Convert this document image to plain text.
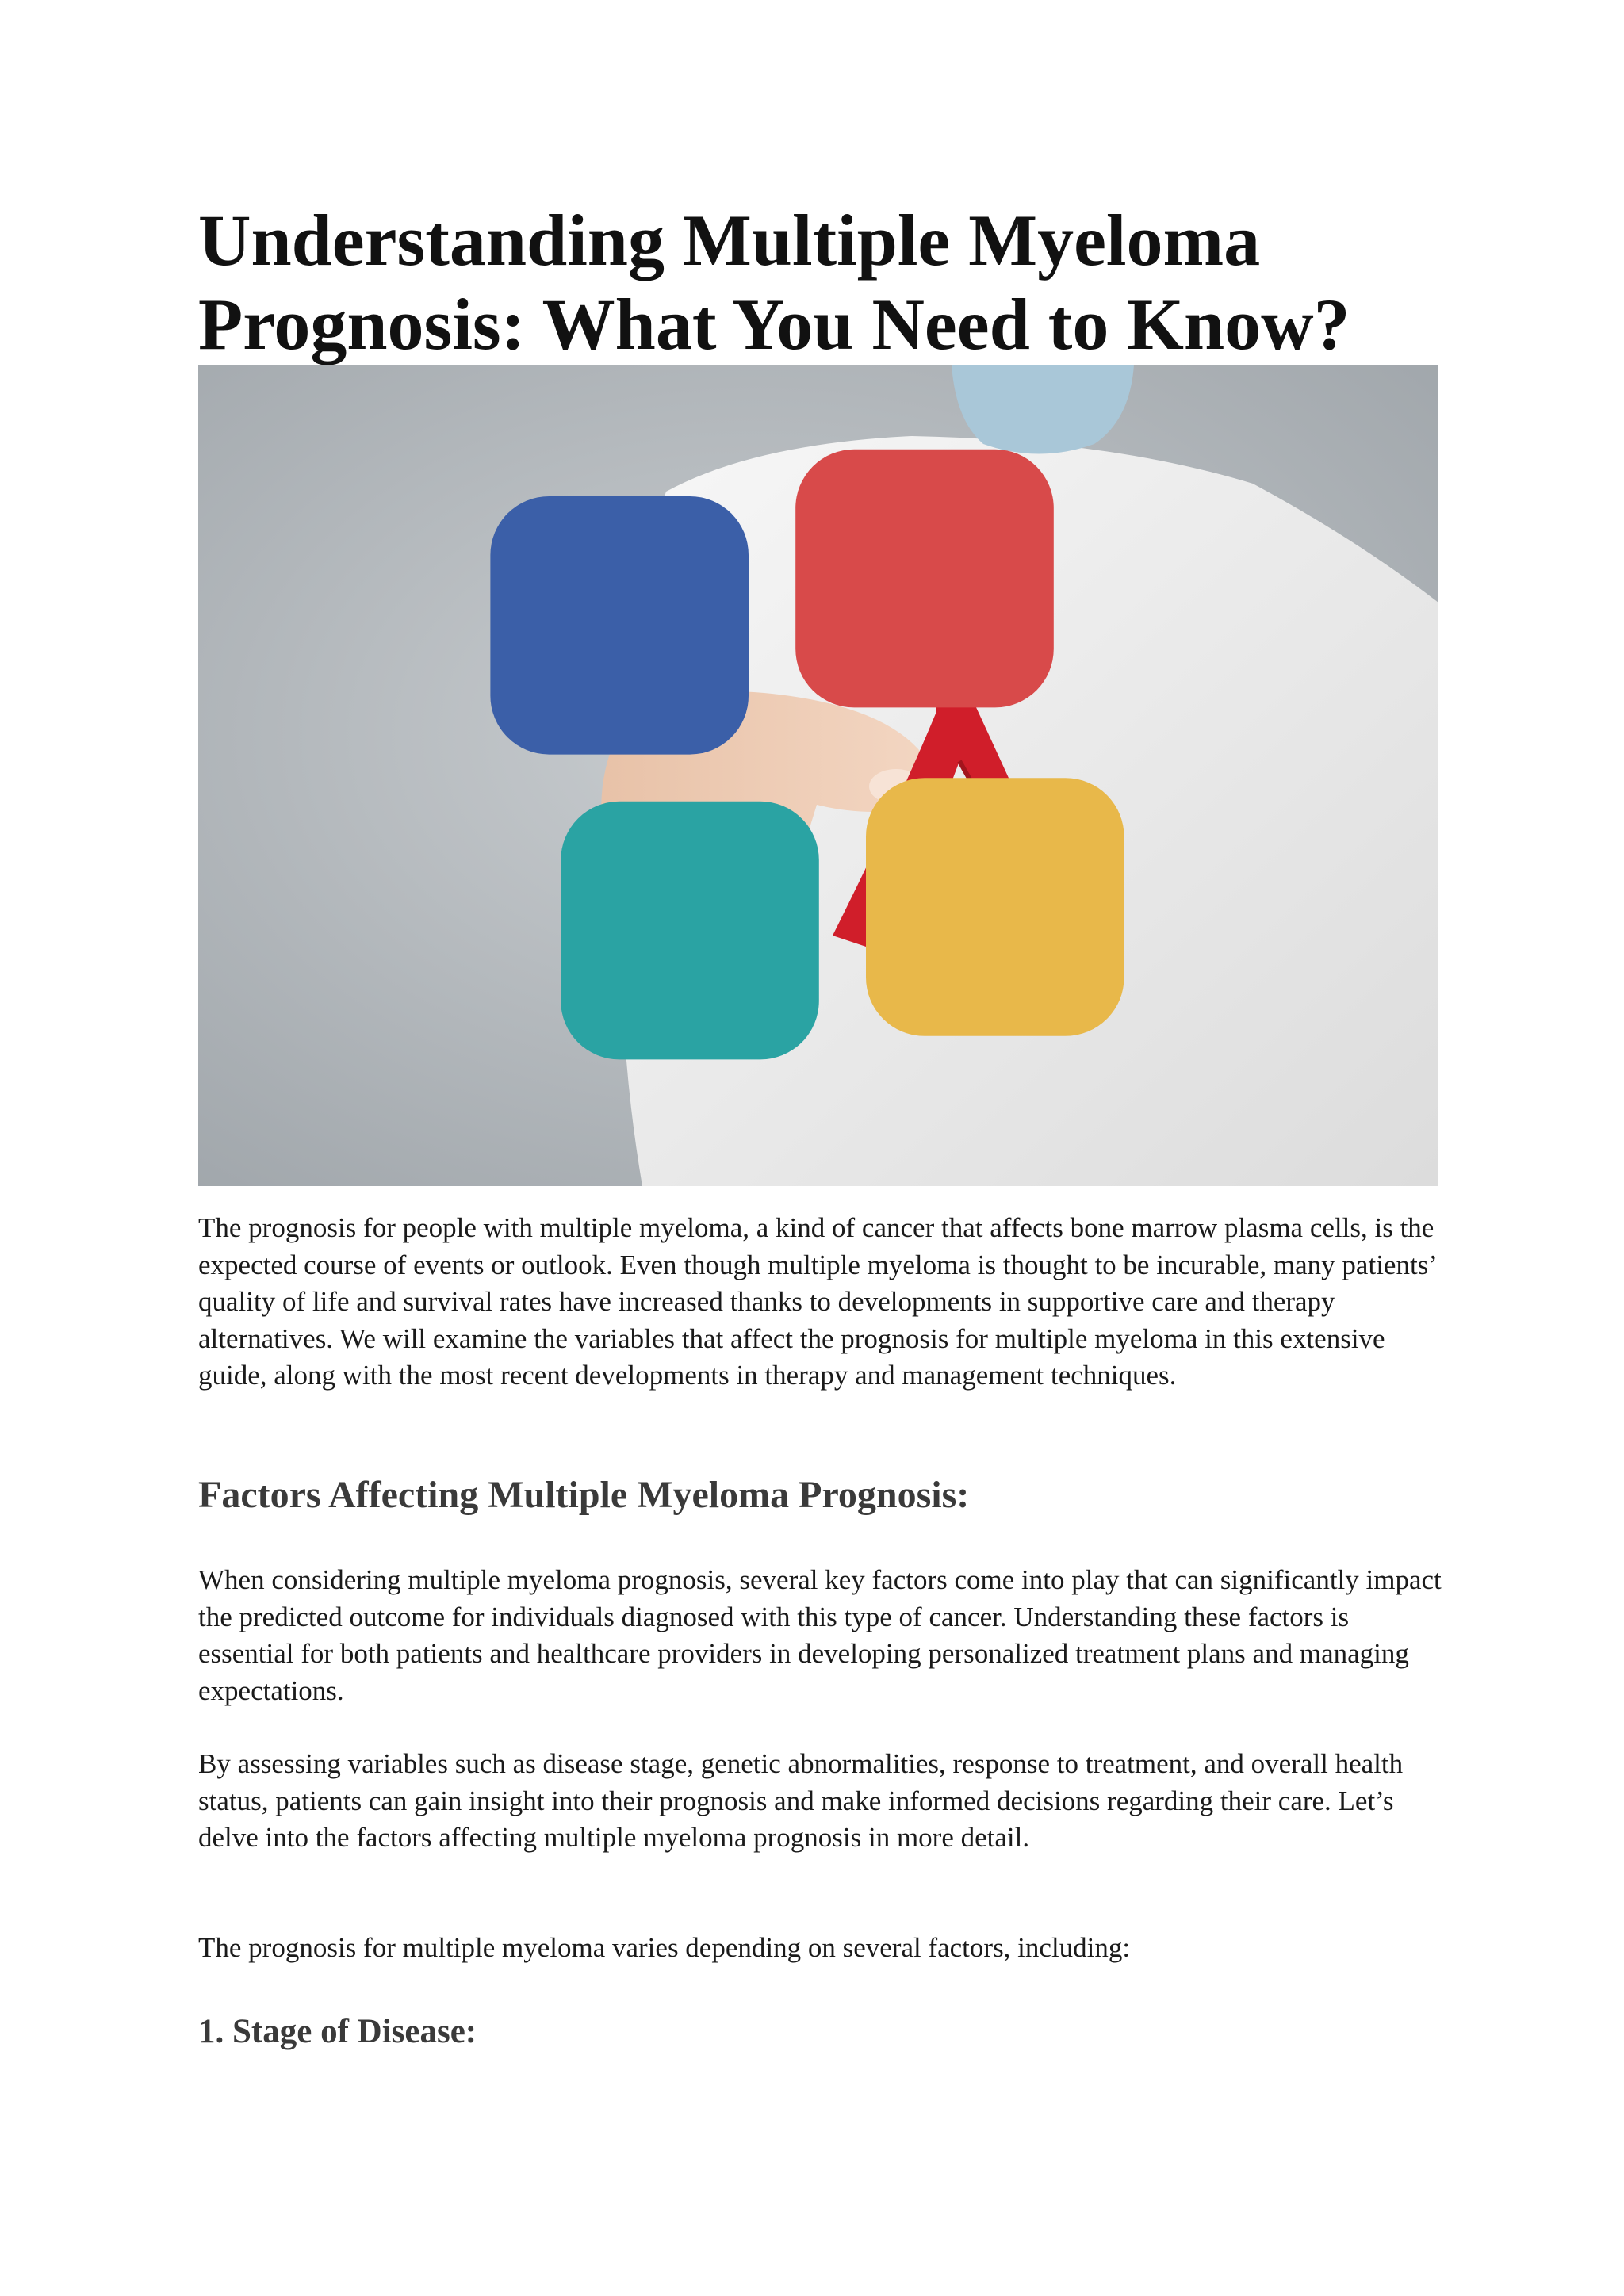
Understanding Multiple Myeloma Prognosis: What You Need to Know?

The prognosis for people with multiple myeloma, a kind of cancer that affects bone marrow plasma cells, is the expected course of events or outlook. Even though multiple myeloma is thought to be incurable, many patients’ quality of life and survival rates have increased thanks to developments in supportive care and therapy alternatives. We will examine the variables that affect the prognosis for multiple myeloma in this extensive guide, along with the most recent developments in therapy and management techniques.

Factors Affecting Multiple Myeloma Prognosis:

When considering multiple myeloma prognosis, several key factors come into play that can significantly impact the predicted outcome for individuals diagnosed with this type of cancer. Understanding these factors is essential for both patients and healthcare providers in developing personalized treatment plans and managing expectations.

By assessing variables such as disease stage, genetic abnormalities, response to treatment, and overall health status, patients can gain insight into their prognosis and make informed decisions regarding their care. Let’s delve into the factors affecting multiple myeloma prognosis in more detail.

The prognosis for multiple myeloma varies depending on several factors, including:

1. Stage of Disease:
